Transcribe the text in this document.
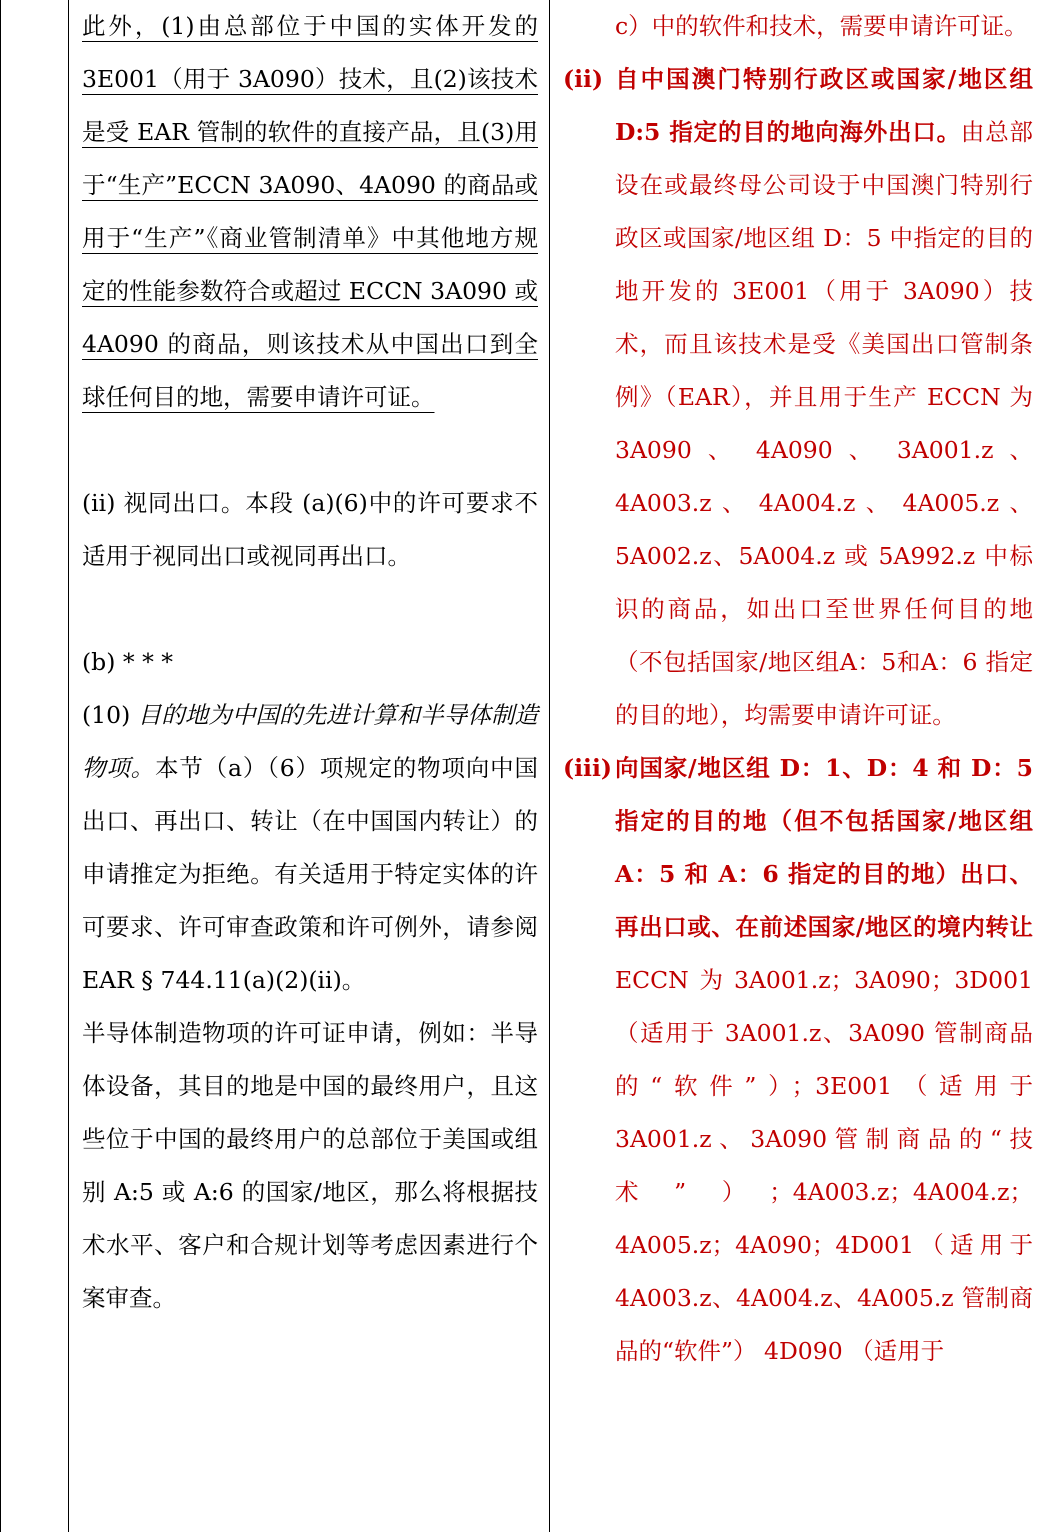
此外，(1)由总部位于中国的实体开发的 3E001（用于 3A090）技术，且(2)该技术是受 EAR 管制的软件的直接产品，且(3)用于“生产”ECCN 3A090、4A090 的商品或用于“生产”《商业管制清单》中其他地方规定的性能参数符合或超过 ECCN 3A090 或 4A090 的商品，则该技术从中国出口到全球任何目的地，需要申请许可证。

(ii) 视同出口。本段 (a)(6)中的许可要求不适用于视同出口或视同再出口。

(b) * * *

(10) 目的地为中国的先进计算和半导体制造物项。本节（a）（6）项规定的物项向中国出口、再出口、转让（在中国国内转让）的申请推定为拒绝。有关适用于特定实体的许可要求、许可审查政策和许可例外，请参阅 EAR § 744.11(a)(2)(ii)。

半导体制造物项的许可证申请，例如：半导体设备，其目的地是中国的最终用户，且这些位于中国的最终用户的总部位于美国或组别 A:5 或 A:6 的国家/地区，那么将根据技术水平、客户和合规计划等考虑因素进行个案审查。

c）中的软件和技术，需要申请许可证。

(ii) 自中国澳门特别行政区或国家/地区组 D:5 指定的目的地向海外出口。由总部设在或最终母公司设于中国澳门特别行政区或国家/地区组 D：5 中指定的目的地开发的 3E001（用于 3A090）技术，而且该技术是受《美国出口管制条例》（EAR），并且用于生产 ECCN 为 3A090 、 4A090 、 3A001.z 、 4A003.z 、 4A004.z 、 4A005.z 、 5A002.z、5A004.z 或 5A992.z 中标识的商品，如出口至世界任何目的地（不包括国家/地区组A：5和A：6 指定的目的地），均需要申请许可证。
(iii) 向国家/地区组 D：1、D：4 和 D：5 指定的目的地（但不包括国家/地区组 A：5 和 A：6 指定的目的地）出口、再出口或、在前述国家/地区的境内转让ECCN为3A001.z；3A090；3D001（适用于 3A001.z、3A090 管制商品的“软件”）；3E001（适用于3A001.z、3A090管制商品的“技术”）；4A003.z；4A004.z；4A005.z；4A090；4D001（适用于4A003.z、4A004.z、4A005.z 管制商品的“软件”） 4D090 （适用于
